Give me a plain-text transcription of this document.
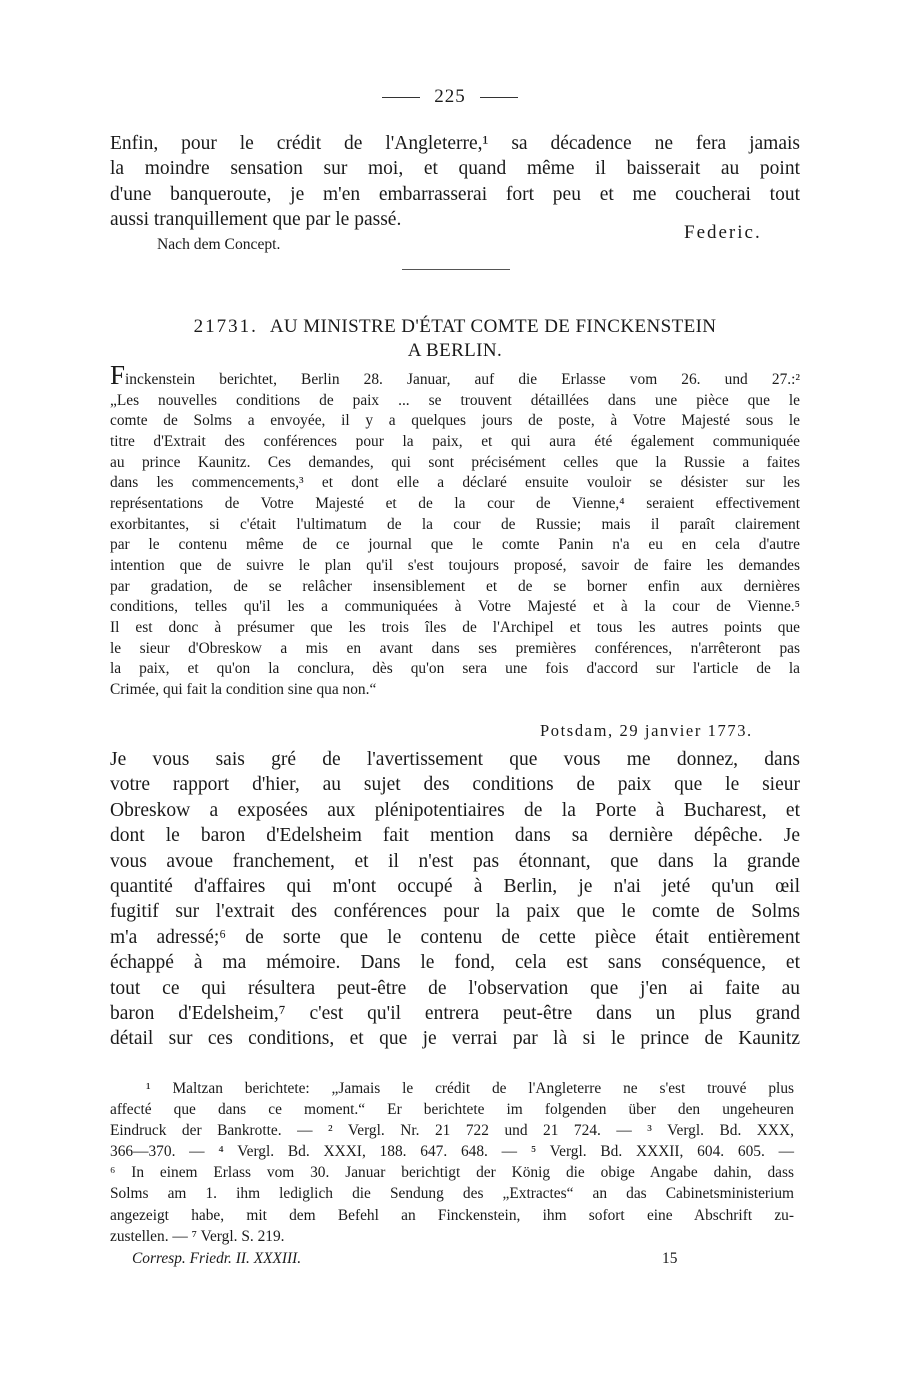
225
Enfin, pour le crédit de l'Angleterre,¹ sa décadence ne fera jamais
la moindre sensation sur moi, et quand même il baisserait au point
d'une banqueroute, je m'en embarrasserai fort peu et me coucherai tout
aussi tranquillement que par le passé.
Federic.
Nach dem Concept.
21731. AU MINISTRE D'ÉTAT COMTE DE FINCKENSTEIN
A BERLIN.
Finckenstein berichtet, Berlin 28. Januar, auf die Erlasse vom 26. und 27.:²
„Les nouvelles conditions de paix ... se trouvent détaillées dans une pièce que le
comte de Solms a envoyée, il y a quelques jours de poste, à Votre Majesté sous le
titre d'Extrait des conférences pour la paix, et qui aura été également communiquée
au prince Kaunitz. Ces demandes, qui sont précisément celles que la Russie a faites
dans les commencements,³ et dont elle a déclaré ensuite vouloir se désister sur les
représentations de Votre Majesté et de la cour de Vienne,⁴ seraient effectivement
exorbitantes, si c'était l'ultimatum de la cour de Russie; mais il paraît clairement
par le contenu même de ce journal que le comte Panin n'a eu en cela d'autre
intention que de suivre le plan qu'il s'est toujours proposé, savoir de faire les demandes
par gradation, de se relâcher insensiblement et de se borner enfin aux dernières
conditions, telles qu'il les a communiquées à Votre Majesté et à la cour de Vienne.⁵
Il est donc à présumer que les trois îles de l'Archipel et tous les autres points que
le sieur d'Obreskow a mis en avant dans ses premières conférences, n'arrêteront pas
la paix, et qu'on la conclura, dès qu'on sera une fois d'accord sur l'article de la
Crimée, qui fait la condition sine qua non.“
Potsdam, 29 janvier 1773.
Je vous sais gré de l'avertissement que vous me donnez, dans
votre rapport d'hier, au sujet des conditions de paix que le sieur
Obreskow a exposées aux plénipotentiaires de la Porte à Bucharest, et
dont le baron d'Edelsheim fait mention dans sa dernière dépêche. Je
vous avoue franchement, et il n'est pas étonnant, que dans la grande
quantité d'affaires qui m'ont occupé à Berlin, je n'ai jeté qu'un œil
fugitif sur l'extrait des conférences pour la paix que le comte de Solms
m'a adressé;⁶ de sorte que le contenu de cette pièce était entièrement
échappé à ma mémoire. Dans le fond, cela est sans conséquence, et
tout ce qui résultera peut-être de l'observation que j'en ai faite au
baron d'Edelsheim,⁷ c'est qu'il entrera peut-être dans un plus grand
détail sur ces conditions, et que je verrai par là si le prince de Kaunitz
¹ Maltzan berichtete: „Jamais le crédit de l'Angleterre ne s'est trouvé plus
affecté que dans ce moment.“ Er berichtete im folgenden über den ungeheuren
Eindruck der Bankrotte. — ² Vergl. Nr. 21 722 und 21 724. — ³ Vergl. Bd. XXX,
366—370. — ⁴ Vergl. Bd. XXXI, 188. 647. 648. — ⁵ Vergl. Bd. XXXII, 604. 605. —
⁶ In einem Erlass vom 30. Januar berichtigt der König die obige Angabe dahin, dass
Solms am 1. ihm lediglich die Sendung des „Extractes“ an das Cabinetsministerium
angezeigt habe, mit dem Befehl an Finckenstein, ihm sofort eine Abschrift zu-
zustellen. — ⁷ Vergl. S. 219.
Corresp. Friedr. II. XXXIII.	15
